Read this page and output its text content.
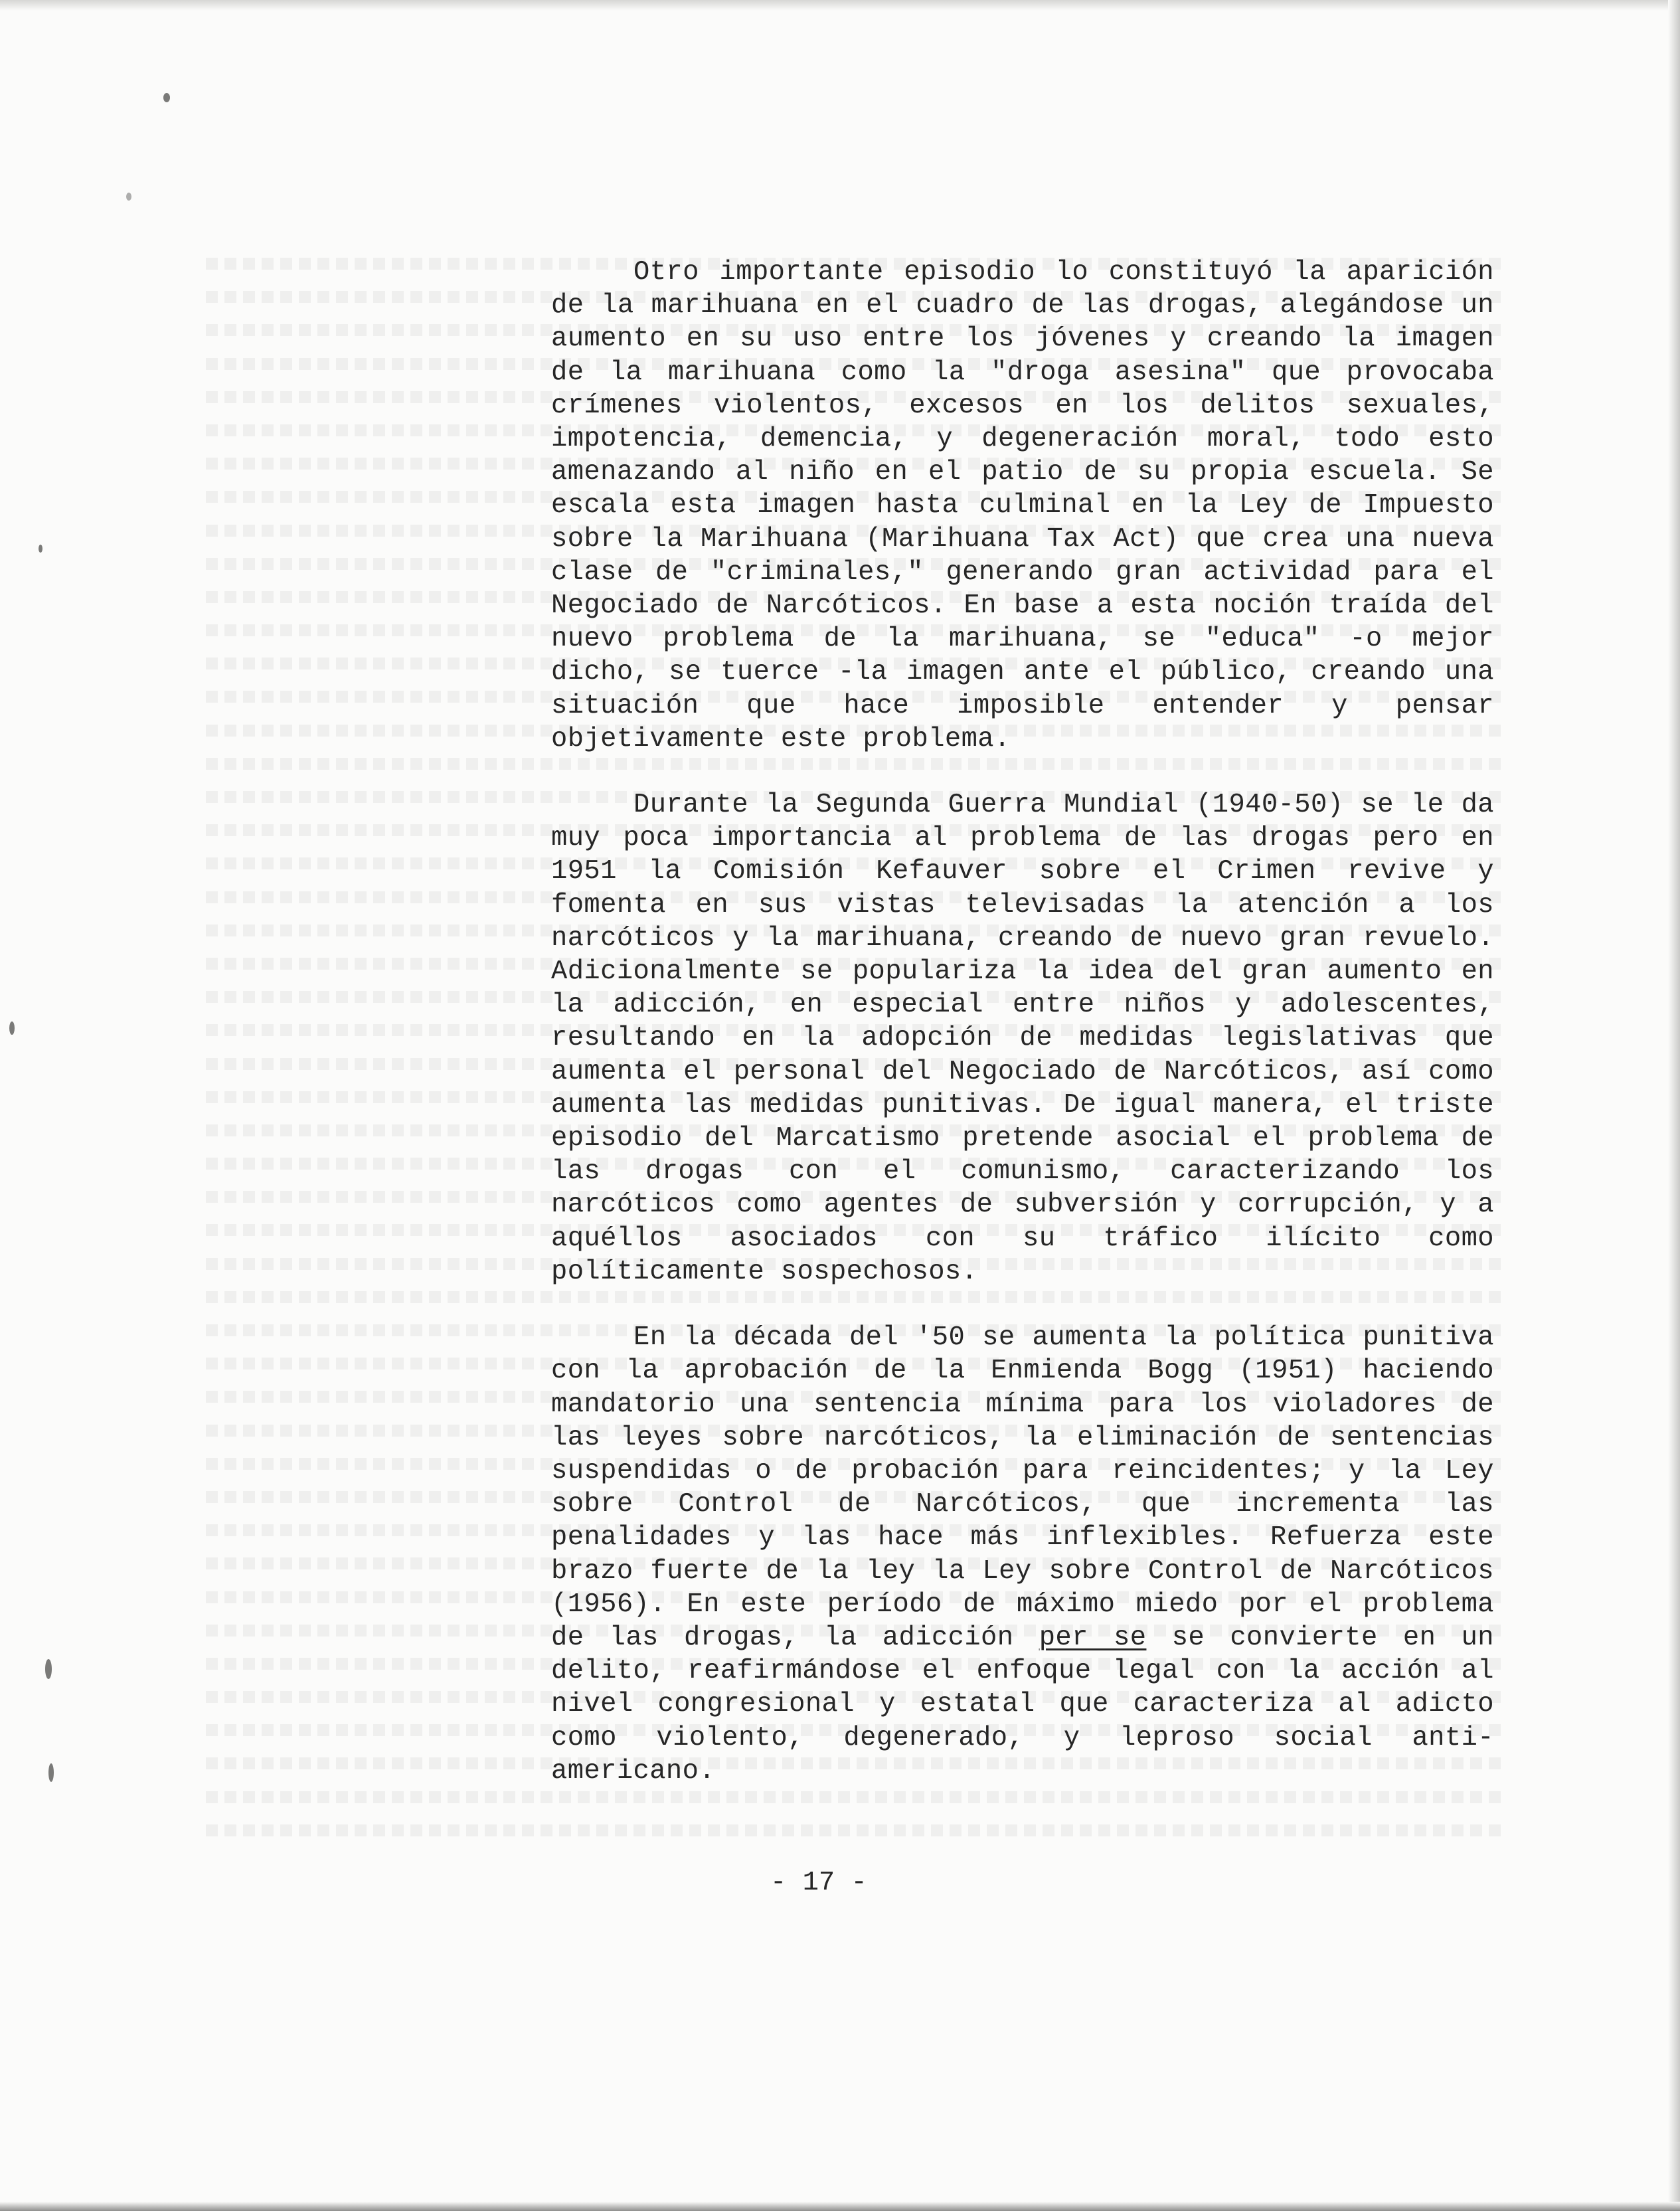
Otro importante episodio lo constituyó la aparición de la marihuana en el cuadro de las drogas, alegándose un aumento en su uso entre los jóvenes y creando la imagen de la marihuana como la "droga asesina" que provocaba crímenes violentos, excesos en los delitos sexuales, impotencia, demencia, y degeneración moral, todo esto amenazando al niño en el patio de su propia escuela. Se escala esta imagen hasta culminal en la Ley de Impuesto sobre la Marihuana (Marihuana Tax Act) que crea una nueva clase de "criminales," generando gran actividad para el Negociado de Narcóticos. En base a esta noción traída del nuevo problema de la marihuana, se "educa" -o mejor dicho, se tuerce -la imagen ante el público, creando una situación que hace imposible entender y pensar objetivamente este problema.

Durante la Segunda Guerra Mundial (1940-50) se le da muy poca importancia al problema de las drogas pero en 1951 la Comisión Kefauver sobre el Crimen revive y fomenta en sus vistas televisadas la atención a los narcóticos y la marihuana, creando de nuevo gran revuelo. Adicionalmente se populariza la idea del gran aumento en la adicción, en especial entre niños y adolescentes, resultando en la adopción de medidas legislativas que aumenta el personal del Negociado de Narcóticos, así como aumenta las medidas punitivas. De igual manera, el triste episodio del Marcatismo pretende asocial el problema de las drogas con el comunismo, caracterizando los narcóticos como agentes de subversión y corrupción, y a aquéllos asociados con su tráfico ilícito como políticamente sospechosos.

En la década del '50 se aumenta la política punitiva con la aprobación de la Enmienda Bogg (1951) haciendo mandatorio una sentencia mínima para los violadores de las leyes sobre narcóticos, la eliminación de sentencias suspendidas o de probación para reincidentes; y la Ley sobre Control de Narcóticos, que incrementa las penalidades y las hace más inflexibles. Refuerza este brazo fuerte de la ley la Ley sobre Control de Narcóticos (1956). En este período de máximo miedo por el problema de las drogas, la adicción per se se convierte en un delito, reafirmándose el enfoque legal con la acción al nivel congresional y estatal que caracteriza al adicto como violento, degenerado, y leproso social anti-americano.

- 17 -
